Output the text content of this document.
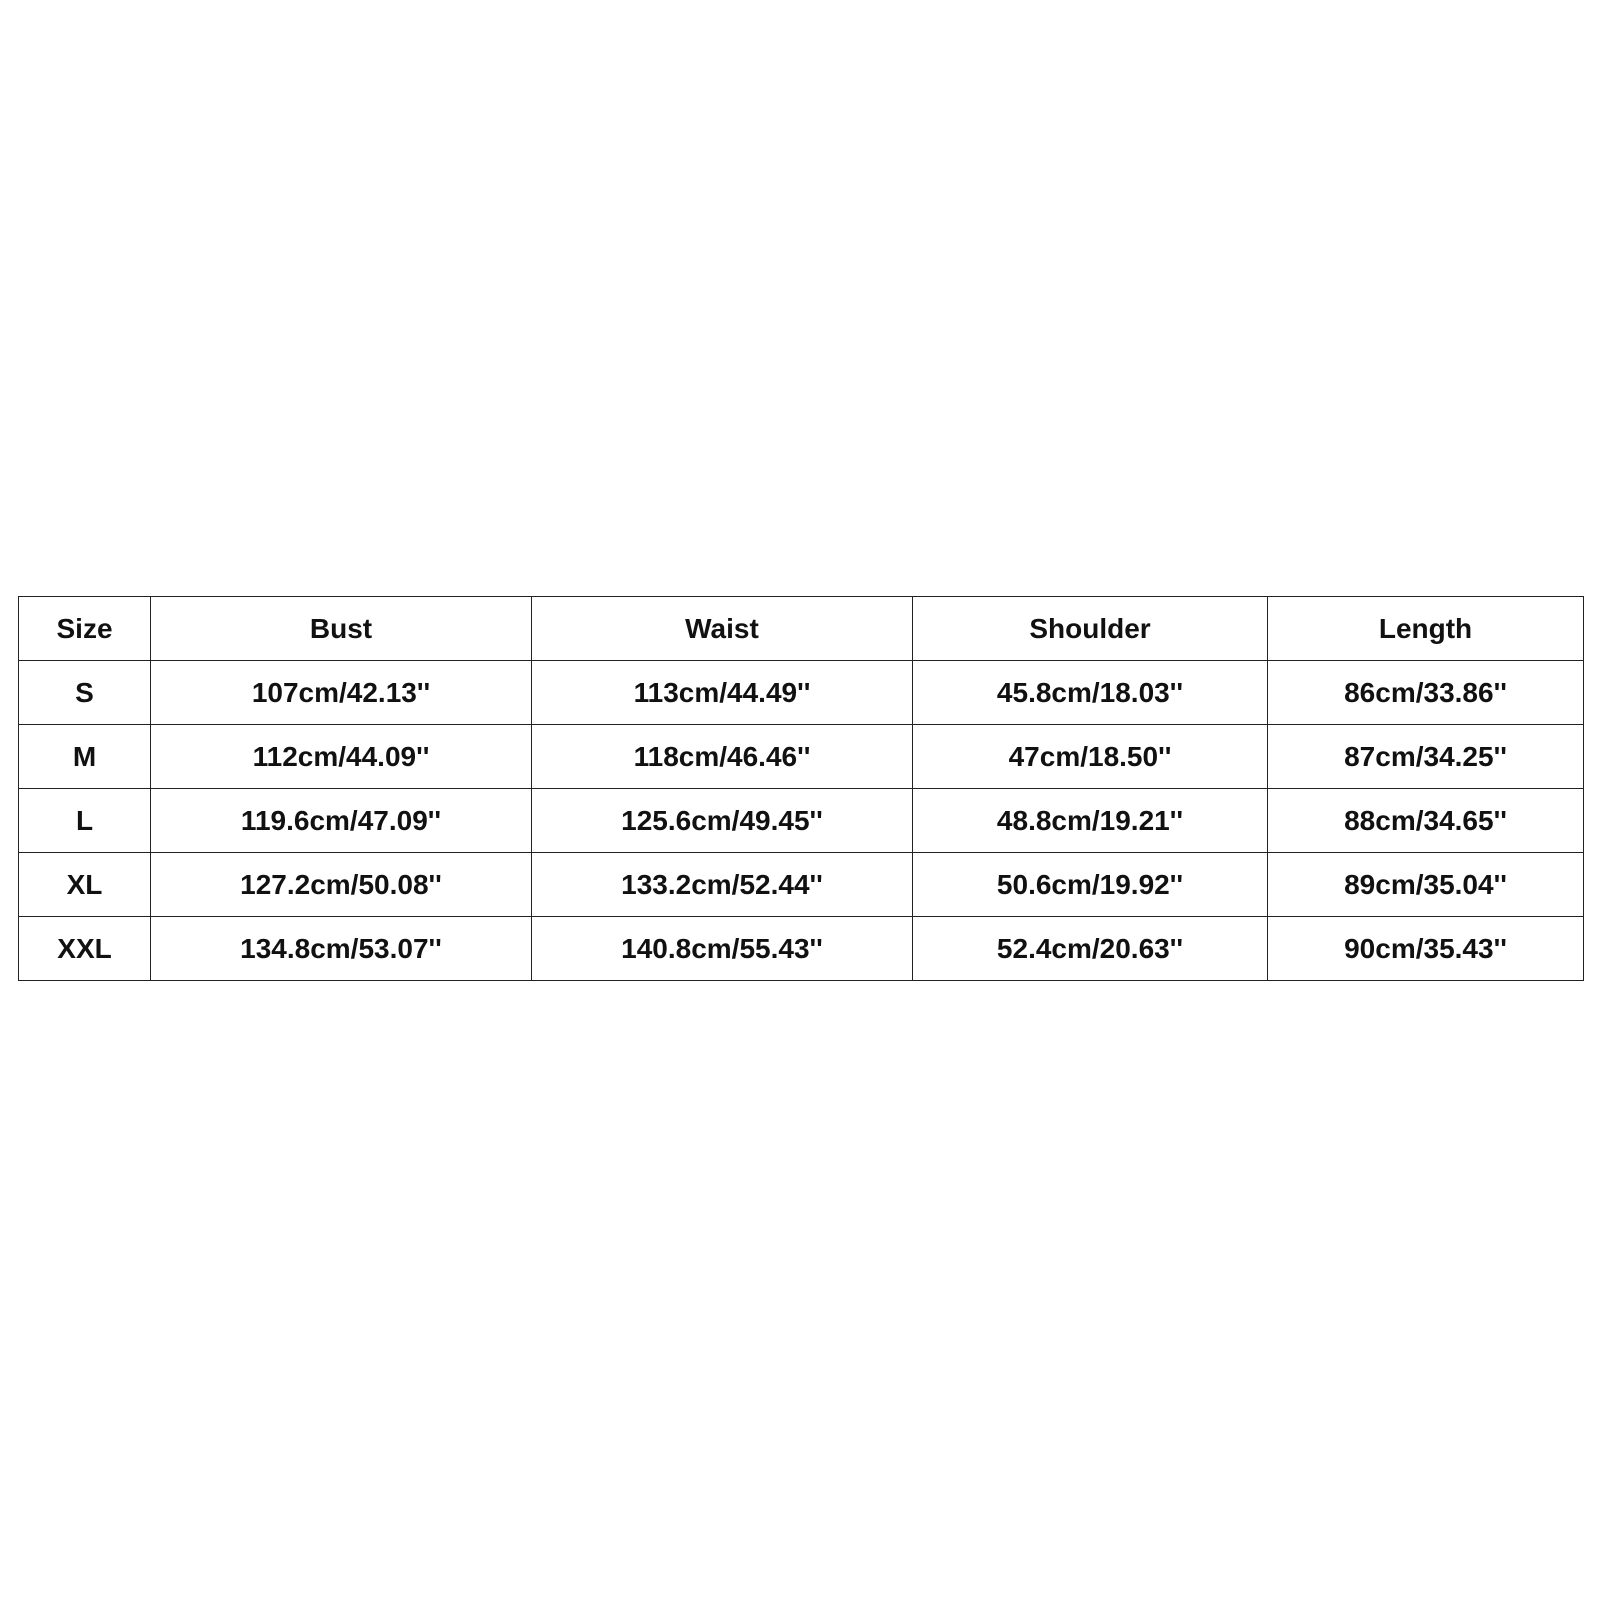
Size	Bust	Waist	Shoulder	Length
S	107cm/42.13''	113cm/44.49''	45.8cm/18.03''	86cm/33.86''
M	112cm/44.09''	118cm/46.46''	47cm/18.50''	87cm/34.25''
L	119.6cm/47.09''	125.6cm/49.45''	48.8cm/19.21''	88cm/34.65''
XL	127.2cm/50.08''	133.2cm/52.44''	50.6cm/19.92''	89cm/35.04''
XXL	134.8cm/53.07''	140.8cm/55.43''	52.4cm/20.63''	90cm/35.43''
